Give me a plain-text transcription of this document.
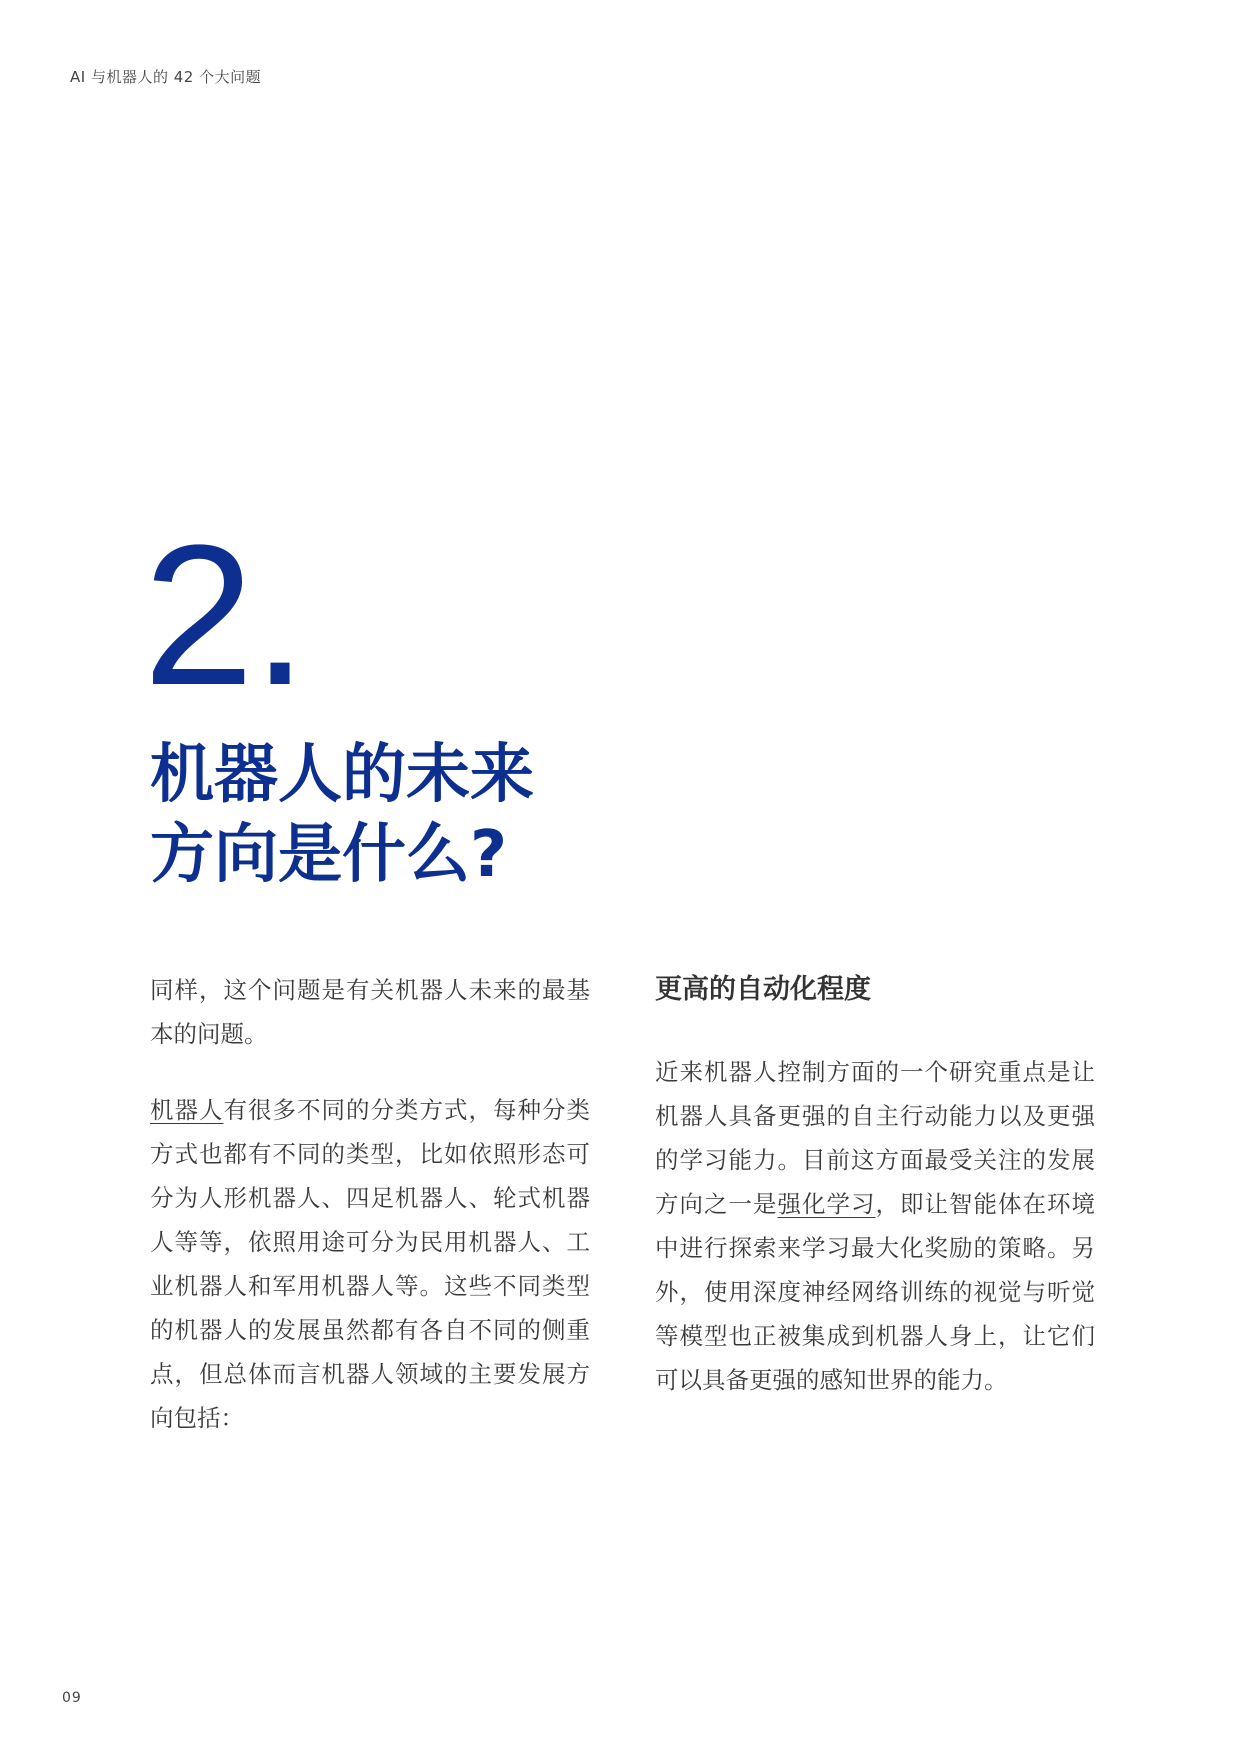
AI 与机器人的 42 个大问题
2.
机器人的未来
方向是什么?

同样，这个问题是有关机器人未来的最基本的问题。

机器人有很多不同的分类方式，每种分类方式也都有不同的类型，比如依照形态可分为人形机器人、四足机器人、轮式机器人等等，依照用途可分为民用机器人、工业机器人和军用机器人等。这些不同类型的机器人的发展虽然都有各自不同的侧重点，但总体而言机器人领域的主要发展方向包括：

更高的自动化程度

近来机器人控制方面的一个研究重点是让机器人具备更强的自主行动能力以及更强的学习能力。目前这方面最受关注的发展方向之一是强化学习，即让智能体在环境中进行探索来学习最大化奖励的策略。另外，使用深度神经网络训练的视觉与听觉等模型也正被集成到机器人身上，让它们可以具备更强的感知世界的能力。

09
